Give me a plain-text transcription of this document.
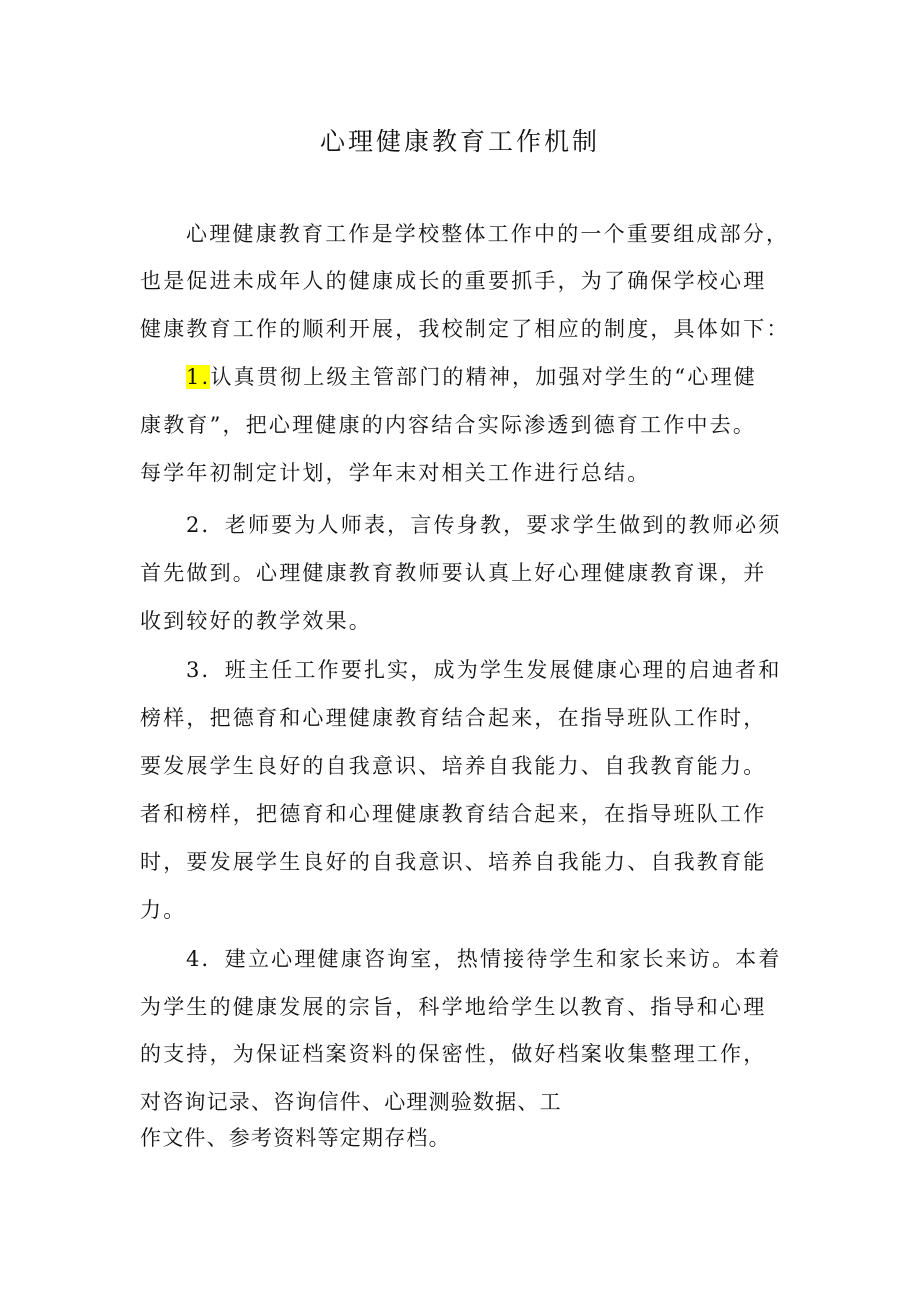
心理健康教育工作机制

心理健康教育工作是学校整体工作中的一个重要组成部分，

也是促进未成年人的健康成长的重要抓手，为了确保学校心理

健康教育工作的顺利开展，我校制定了相应的制度，具体如下：

1.认真贯彻上级主管部门的精神，加强对学生的“心理健

康教育”，把心理健康的内容结合实际渗透到德育工作中去。

每学年初制定计划，学年末对相关工作进行总结。

2．老师要为人师表，言传身教，要求学生做到的教师必须

首先做到。心理健康教育教师要认真上好心理健康教育课，并

收到较好的教学效果。

3．班主任工作要扎实，成为学生发展健康心理的启迪者和

榜样，把德育和心理健康教育结合起来，在指导班队工作时，

要发展学生良好的自我意识、培养自我能力、自我教育能力。

者和榜样，把德育和心理健康教育结合起来，在指导班队工作

时，要发展学生良好的自我意识、培养自我能力、自我教育能

力。

4．建立心理健康咨询室，热情接待学生和家长来访。本着

为学生的健康发展的宗旨，科学地给学生以教育、指导和心理

的支持，为保证档案资料的保密性，做好档案收集整理工作，

对咨询记录、咨询信件、心理测验数据、工

作文件、参考资料等定期存档。
